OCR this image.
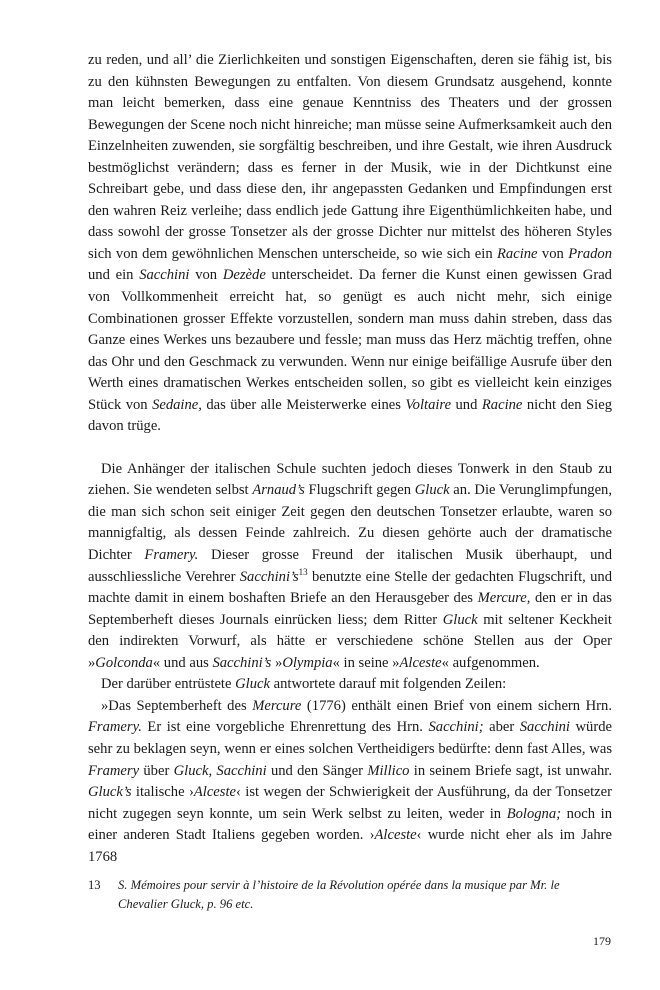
zu reden, und all’ die Zierlichkeiten und sonstigen Eigenschaften, deren sie fähig ist, bis zu den kühnsten Bewegungen zu entfalten. Von diesem Grundsatz ausgehend, konnte man leicht bemerken, dass eine genaue Kenntniss des Theaters und der grossen Bewegungen der Scene noch nicht hinreiche; man müsse seine Aufmerksamkeit auch den Einzelnheiten zuwenden, sie sorgfältig beschreiben, und ihre Gestalt, wie ihren Ausdruck bestmöglichst verändern; dass es ferner in der Musik, wie in der Dichtkunst eine Schreibart gebe, und dass diese den, ihr angepassten Gedanken und Empfindungen erst den wahren Reiz verleihe; dass endlich jede Gattung ihre Eigenthümlichkeiten habe, und dass sowohl der grosse Tonsetzer als der grosse Dichter nur mittelst des höheren Styles sich von dem gewöhnlichen Menschen unterscheide, so wie sich ein Racine von Pradon und ein Sacchini von Dezède unterscheidet. Da ferner die Kunst einen gewissen Grad von Vollkommenheit erreicht hat, so genügt es auch nicht mehr, sich einige Combinationen grosser Effekte vorzustellen, sondern man muss dahin streben, dass das Ganze eines Werkes uns bezaubere und fessle; man muss das Herz mächtig treffen, ohne das Ohr und den Geschmack zu verwunden. Wenn nur einige beifällige Ausrufe über den Werth eines dramatischen Werkes entscheiden sollen, so gibt es vielleicht kein einziges Stück von Sedaine, das über alle Meisterwerke eines Voltaire und Racine nicht den Sieg davon trüge.

Die Anhänger der italischen Schule suchten jedoch dieses Tonwerk in den Staub zu ziehen. Sie wendeten selbst Arnaud’s Flugschrift gegen Gluck an. Die Verunglimpfungen, die man sich schon seit einiger Zeit gegen den deutschen Tonsetzer erlaubte, waren so mannigfaltig, als dessen Feinde zahlreich. Zu diesen gehörte auch der dramatische Dichter Framery. Dieser grosse Freund der italischen Musik überhaupt, und ausschliessliche Verehrer $Sacchini’s^{13}$ benutzte eine Stelle der gedachten Flugschrift, und machte damit in einem boshaften Briefe an den Herausgeber des Mercure, den er in das Septemberheft dieses Journals einrücken liess; dem Ritter Gluck mit seltener Keckheit den indirekten Vorwurf, als hätte er verschiedene schöne Stellen aus der Oper »Golconda« und aus Sacchini’s »Olympia« in seine »Alceste« aufgenommen.

Der darüber entrüstete Gluck antwortete darauf mit folgenden Zeilen:

»Das Septemberheft des Mercure (1776) enthält einen Brief von einem sichern Hrn. Framery. Er ist eine vorgebliche Ehrenrettung des Hrn. Sacchini; aber Sacchini würde sehr zu beklagen seyn, wenn er eines solchen Vertheidigers bedürfte: denn fast Alles, was Framery über Gluck, Sacchini und den Sänger Millico in seinem Briefe sagt, ist unwahr. Gluck’s italische ›Alceste‹ ist wegen der Schwierigkeit der Ausführung, da der Tonsetzer nicht zugegen seyn konnte, um sein Werk selbst zu leiten, weder in Bologna; noch in einer anderen Stadt Italiens gegeben worden. ›Alceste‹ wurde nicht eher als im Jahre 1768

13	S. Mémoires pour servir à l’histoire de la Révolution opérée dans la musique par Mr. le Chevalier Gluck, p. 96 etc.
179
